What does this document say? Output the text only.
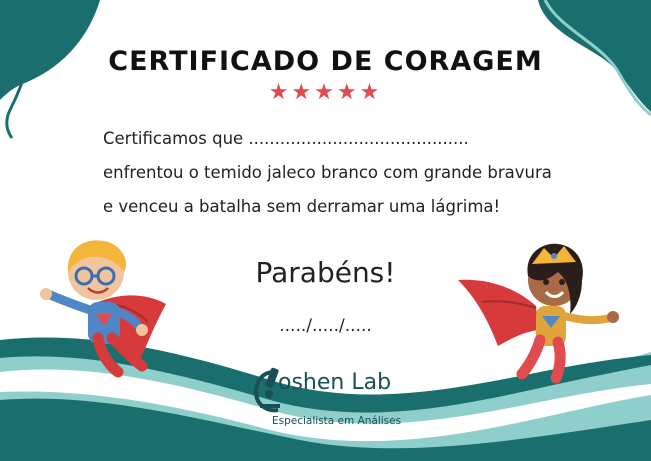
CERTIFICADO DE CORAGEM
★★★★★
Certificamos que ..........................................
enfrentou o temido jaleco branco com grande bravura
e venceu a batalha sem derramar uma lágrima!
Parabéns!
...../...../.....
oshen Lab
Especialista em Análises
